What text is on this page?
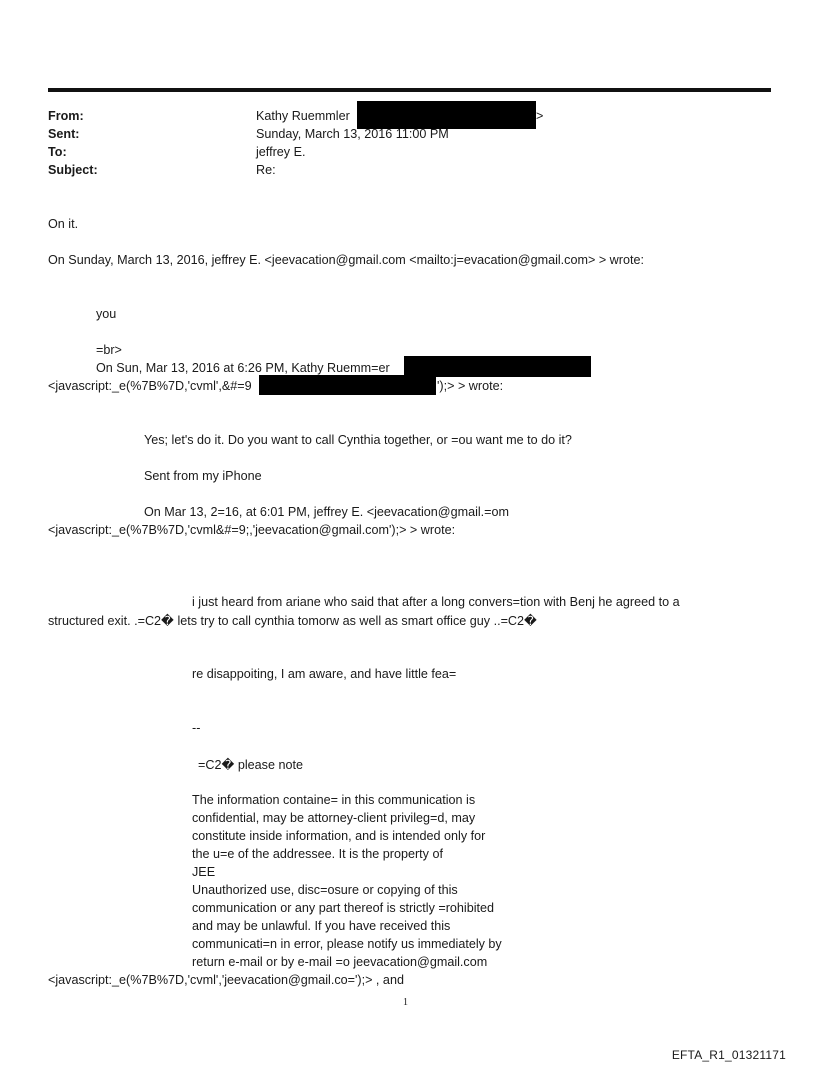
From:	Kathy Ruemmler	>
Sent:	Sunday, March 13, 2016 11:00 PM
To:	jeffrey E.
Subject:	Re:
On it.
On Sunday, March 13, 2016, jeffrey E. <jeevacation@gmail.com <mailto:j=evacation@gmail.com> > wrote:
you
=br>
On Sun, Mar 13, 2016 at 6:26 PM, Kathy Ruemm=er
<javascript:_e(%7B%7D,'cvml',&#=9	');> > wrote:
Yes; let's do it. Do you want to call Cynthia together, or =ou want me to do it?
Sent from my iPhone
On Mar 13, 2=16, at 6:01 PM, jeffrey E. <jeevacation@gmail.=om
<javascript:_e(%7B%7D,'cvml&#=9;,'jeevacation@gmail.com');> > wrote:
i just heard from ariane who said that after a long convers=tion with Benj he agreed to a
structured exit. .=C2� lets try to call cynthia tomorw as well as smart office guy ..=C2�
re disappoiting, I am aware, and have little fea=
--
=C2� please note
The information containe= in this communication is
confidential, may be attorney-client privileg=d, may
constitute inside information, and is intended only for
the u=e of the addressee. It is the property of
JEE
Unauthorized use, disc=osure or copying of this
communication or any part thereof is strictly =rohibited
and may be unlawful. If you have received this
communicati=n in error, please notify us immediately by
return e-mail or by e-mail =o jeevacation@gmail.com
<javascript:_e(%7B%7D,'cvml','jeevacation@gmail.co=');> , and
1
EFTA_R1_01321171
